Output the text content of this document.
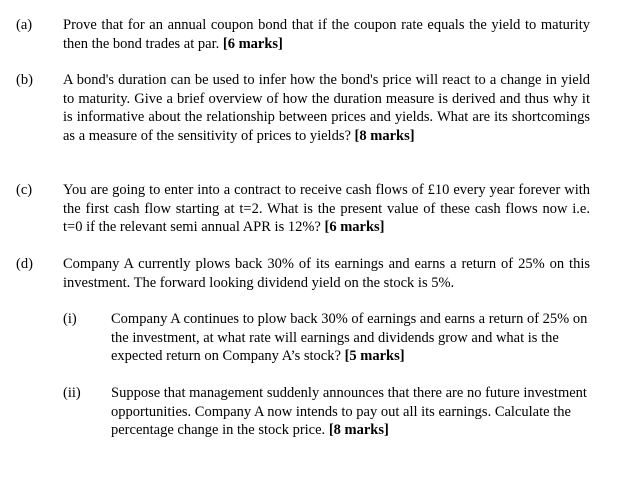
(a) Prove that for an annual coupon bond that if the coupon rate equals the yield to maturity then the bond trades at par. [6 marks]
(b) A bond's duration can be used to infer how the bond's price will react to a change in yield to maturity. Give a brief overview of how the duration measure is derived and thus why it is informative about the relationship between prices and yields. What are its shortcomings as a measure of the sensitivity of prices to yields? [8 marks]
(c) You are going to enter into a contract to receive cash flows of £10 every year forever with the first cash flow starting at t=2. What is the present value of these cash flows now i.e. t=0 if the relevant semi annual APR is 12%? [6 marks]
(d) Company A currently plows back 30% of its earnings and earns a return of 25% on this investment. The forward looking dividend yield on the stock is 5%.
(i) Company A continues to plow back 30% of earnings and earns a return of 25% on the investment, at what rate will earnings and dividends grow and what is the expected return on Company A’s stock? [5 marks]
(ii) Suppose that management suddenly announces that there are no future investment opportunities. Company A now intends to pay out all its earnings. Calculate the percentage change in the stock price. [8 marks]
